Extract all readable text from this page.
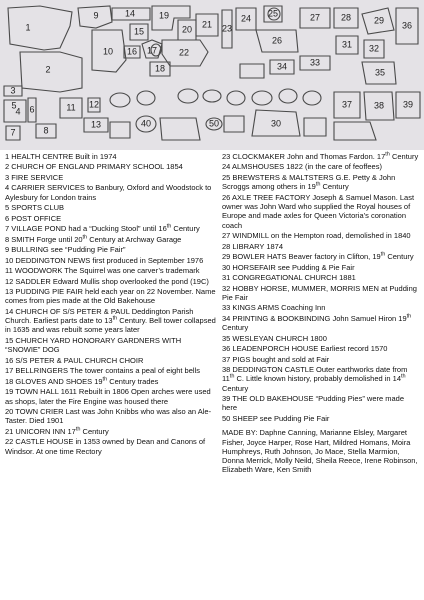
1
2
3
4
5 6
7	8
9
10
11 12
13
14
15
16 17
18
19
20 21
22
23
24 25
26
27 28	29
30
31 32
33
34
35
36
37 38 39
40	50
1 HEALTH CENTRE Built in 1974
2 CHURCH OF ENGLAND PRIMARY SCHOOL 1854
3 FIRE SERVICE
4 CARRIER SERVICES to Banbury, Oxford and Woodstock to Aylesbury for London trains
5 SPORTS CLUB
6 POST OFFICE
7 VILLAGE POND had a “Ducking Stool” until 16th Century
8 SMITH Forge until 20th Century at Archway Garage
9 BULLRING see “Pudding Pie Fair”
10 DEDDINGTON NEWS first produced in September 1976
11 WOODWORK The Squirrel was one carver’s trademark
12 SADDLER Edward Mullis shop overlooked the pond (19C)
13 PUDDING PIE FAIR held each year on 22 November. Name comes from pies made at the Old Bakehouse
14 CHURCH OF S/S PETER & PAUL Deddington Parish Church. Earliest parts date to 13th Century. Bell tower collapsed in 1635 and was rebuilt some years later
15 CHURCH YARD HONORARY GARDNERS WITH “SNOWIE” DOG
16 S/S PETER & PAUL CHURCH CHOIR
17 BELLRINGERS The tower contains a peal of eight bells
18 GLOVES AND SHOES 19th Century trades
19 TOWN HALL 1611 Rebuilt in 1806 Open arches were used as shops, later the Fire Engine was housed there
20 TOWN CRIER Last was John Knibbs who was also an Ale-Taster. Died 1901
21 UNICORN INN 17th Century
22 CASTLE HOUSE in 1353 owned by Dean and Canons of Windsor. At one time Rectory
23 CLOCKMAKER John and Thomas Fardon. 17th Century
24 ALMSHOUSES 1822 (in the care of feoffees)
25 BREWSTERS & MALTSTERS G.E. Petty & John Scroggs among others in 19th Century
26 AXLE TREE FACTORY Joseph & Samuel Mason. Last owner was John Ward who supplied the Royal houses of Europe and made axles for Queen Victoria’s coronation coach
27 WINDMILL on the Hempton road, demolished in 1840
28 LIBRARY 1874
29 BOWLER HATS Beaver factory in Clifton, 19th Century
30 HORSEFAIR see Pudding & Pie Fair
31 CONGREGATIONAL CHURCH 1881
32 HOBBY HORSE, MUMMER, MORRIS MEN at Pudding Pie Fair
33 KINGS ARMS Coaching Inn
34 PRINTING & BOOKBINDING John Samuel Hiron 19th Century
35 WESLEYAN CHURCH 1800
36 LEADENPORCH HOUSE Earliest record 1570
37 PIGS bought and sold at Fair
38 DEDDINGTON CASTLE Outer earthworks date from 11th C. Little known history, probably demolished in 14th Century
39 THE OLD BAKEHOUSE “Pudding Pies” were made here
50 SHEEP see Pudding Pie Fair
MADE BY: Daphne Canning, Marianne Elsley, Margaret Fisher, Joyce Harper, Rose Hart, Mildred Homans, Moira Humphreys, Ruth Johnson, Jo Mace, Stella Marmion, Donna Merrick, Molly Neild, Sheila Reece, Irene Robinson, Elizabeth Ware, Ken Smith
